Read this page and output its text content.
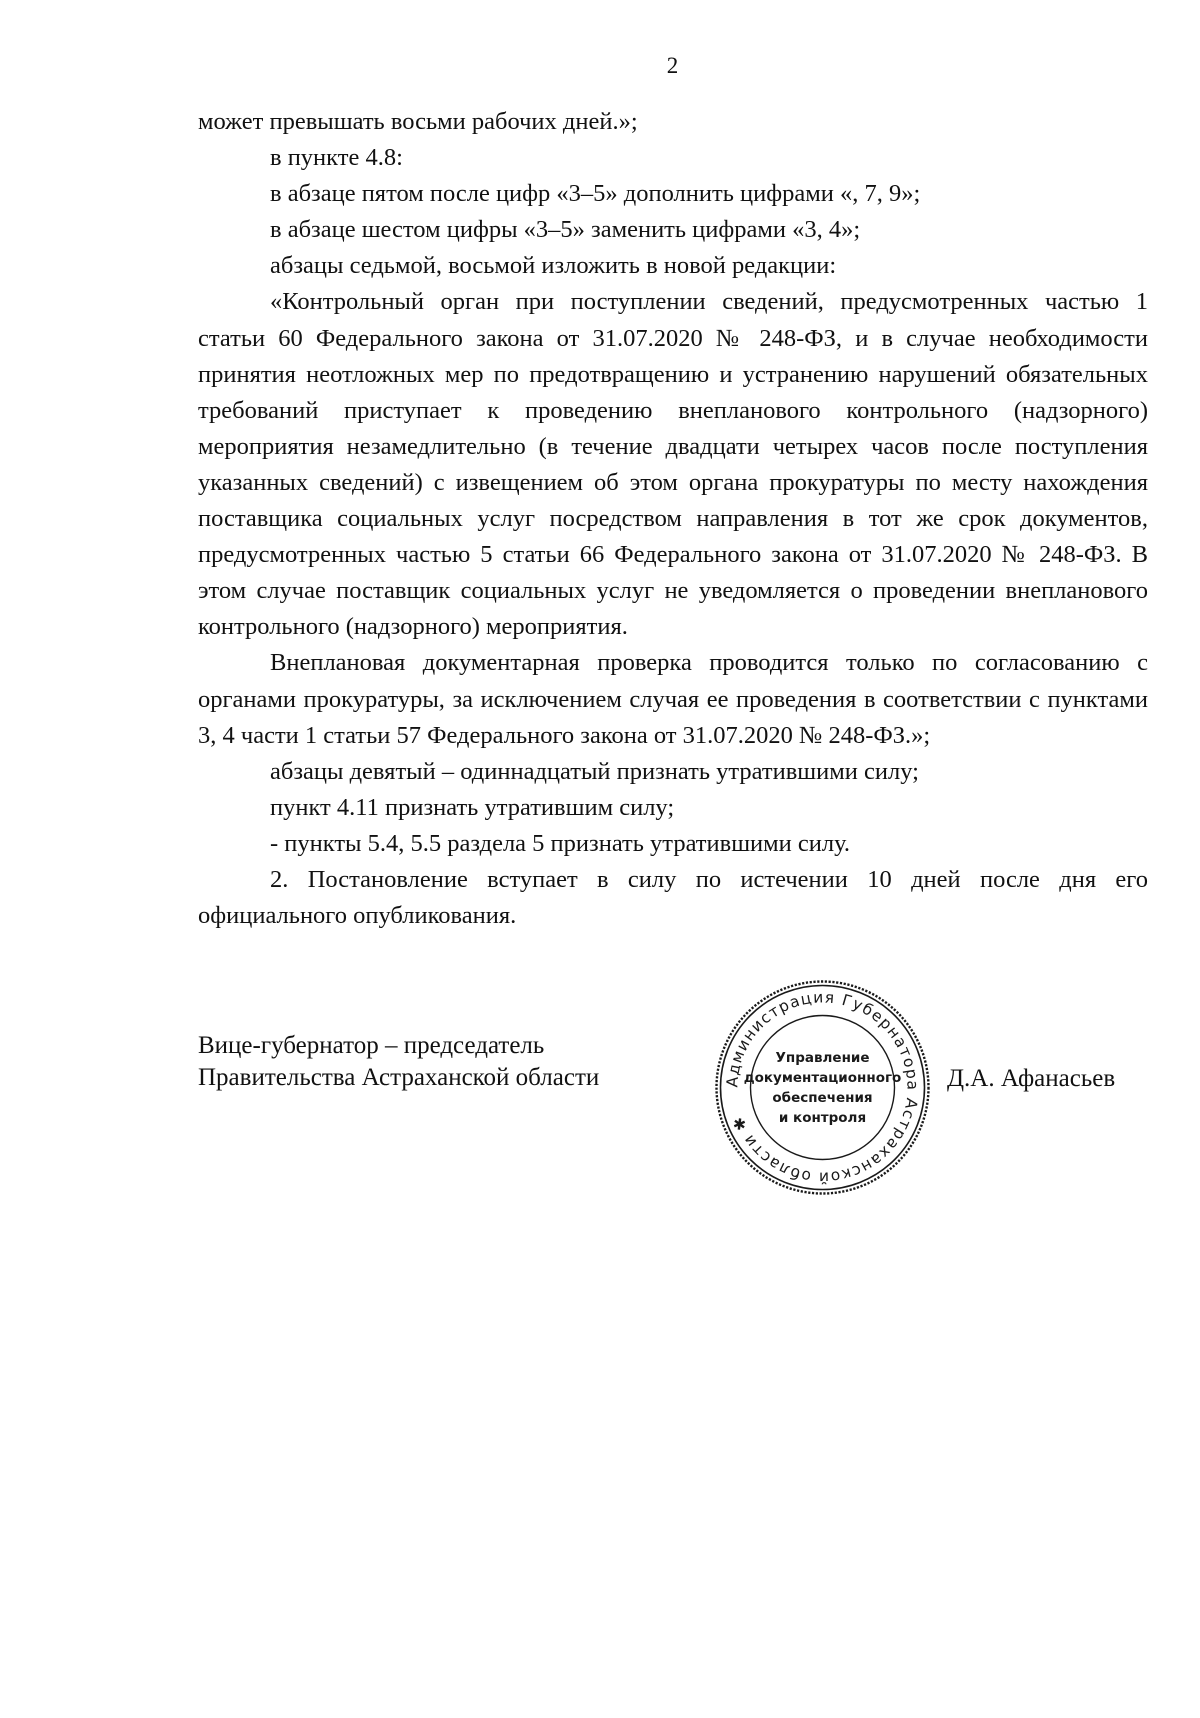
2

может превышать восьми рабочих дней.»;

в пункте 4.8:

в абзаце пятом после цифр «3–5» дополнить цифрами «, 7, 9»;

в абзаце шестом цифры «3–5» заменить цифрами «3, 4»;

абзацы седьмой, восьмой изложить в новой редакции:

«Контрольный орган при поступлении сведений, предусмотренных частью 1 статьи 60 Федерального закона от 31.07.2020 № 248-ФЗ, и в случае необходимости принятия неотложных мер по предотвращению и устранению нарушений обязательных требований приступает к проведению внепланового контрольного (надзорного) мероприятия незамедлительно (в течение двадцати четырех часов после поступления указанных сведений) с извещением об этом органа прокуратуры по месту нахождения поставщика социальных услуг посредством направления в тот же срок документов, предусмотренных частью 5 статьи 66 Федерального закона от 31.07.2020 № 248-ФЗ. В этом случае поставщик социальных услуг не уведомляется о проведении внепланового контрольного (надзорного) мероприятия.

Внеплановая документарная проверка проводится только по согласованию с органами прокуратуры, за исключением случая ее проведения в соответствии с пунктами 3, 4 части 1 статьи 57 Федерального закона от 31.07.2020 № 248-ФЗ.»;

абзацы девятый – одиннадцатый признать утратившими силу;

пункт 4.11 признать утратившим силу;

- пункты 5.4, 5.5 раздела 5 признать утратившими силу.

2. Постановление вступает в силу по истечении 10 дней после дня его официального опубликования.

Вице-губернатор – председатель
Правительства Астраханской области	Администрация Губернатора Астраханской области ✱
Управление
документационного
обеспечения
и контроля
Д.А. Афанасьев
